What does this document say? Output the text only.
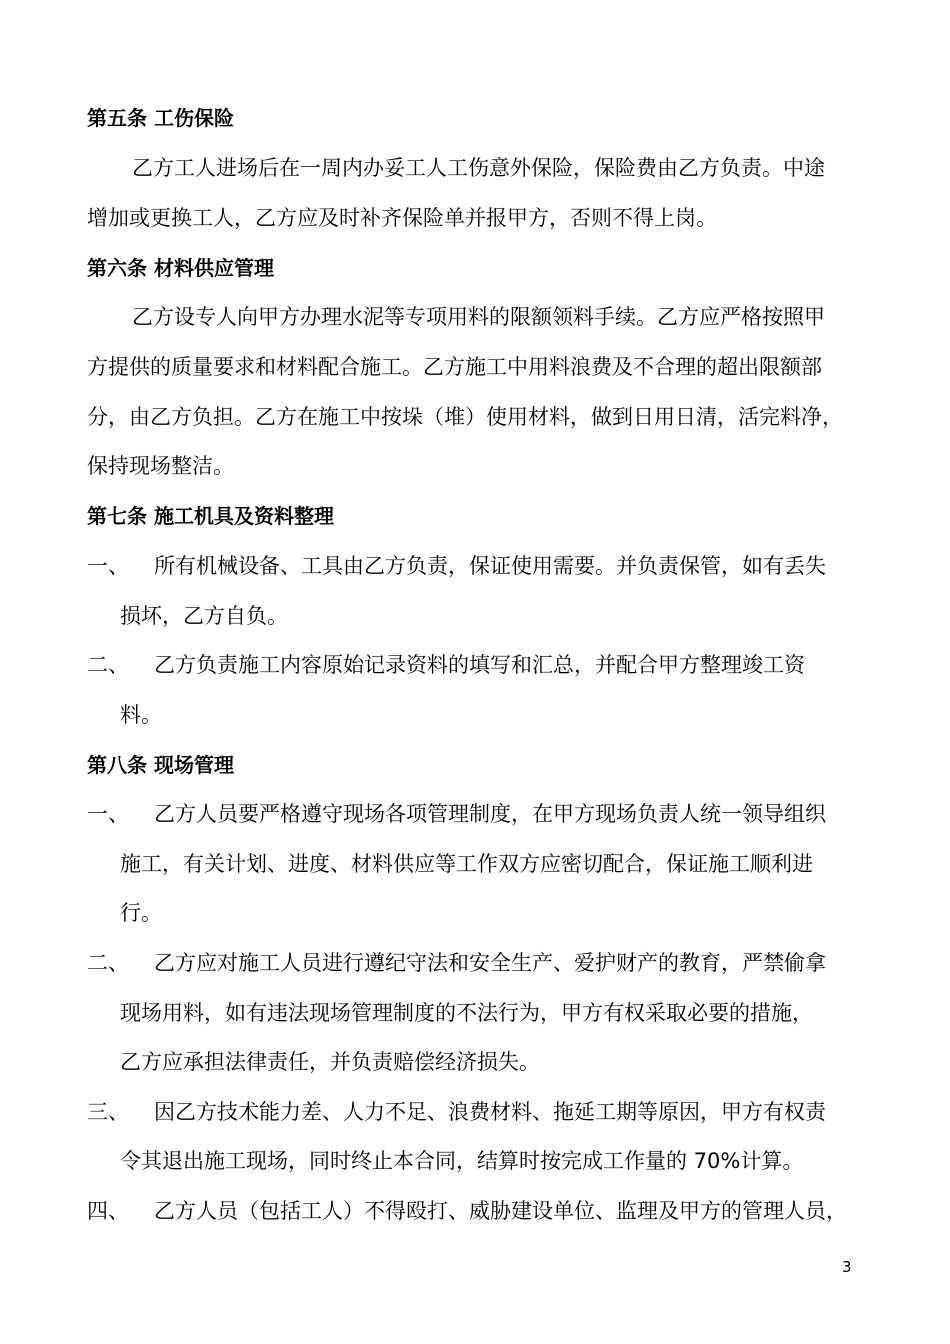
第五条 工伤保险
乙方工人进场后在一周内办妥工人工伤意外保险，保险费由乙方负责。中途
增加或更换工人，乙方应及时补齐保险单并报甲方，否则不得上岗。
第六条 材料供应管理
乙方设专人向甲方办理水泥等专项用料的限额领料手续。乙方应严格按照甲
方提供的质量要求和材料配合施工。乙方施工中用料浪费及不合理的超出限额部
分，由乙方负担。乙方在施工中按垛（堆）使用材料，做到日用日清，活完料净，
保持现场整洁。
第七条 施工机具及资料整理
一、 所有机械设备、工具由乙方负责，保证使用需要。并负责保管，如有丢失
损坏，乙方自负。
二、 乙方负责施工内容原始记录资料的填写和汇总，并配合甲方整理竣工资
料。
第八条 现场管理
一、 乙方人员要严格遵守现场各项管理制度，在甲方现场负责人统一领导组织
施工，有关计划、进度、材料供应等工作双方应密切配合，保证施工顺利进
行。
二、 乙方应对施工人员进行遵纪守法和安全生产、爱护财产的教育，严禁偷拿
现场用料，如有违法现场管理制度的不法行为，甲方有权采取必要的措施，
乙方应承担法律责任，并负责赔偿经济损失。
三、 因乙方技术能力差、人力不足、浪费材料、拖延工期等原因，甲方有权责
令其退出施工现场，同时终止本合同，结算时按完成工作量的 70%计算。
四、 乙方人员（包括工人）不得殴打、威胁建设单位、监理及甲方的管理人员，
3
